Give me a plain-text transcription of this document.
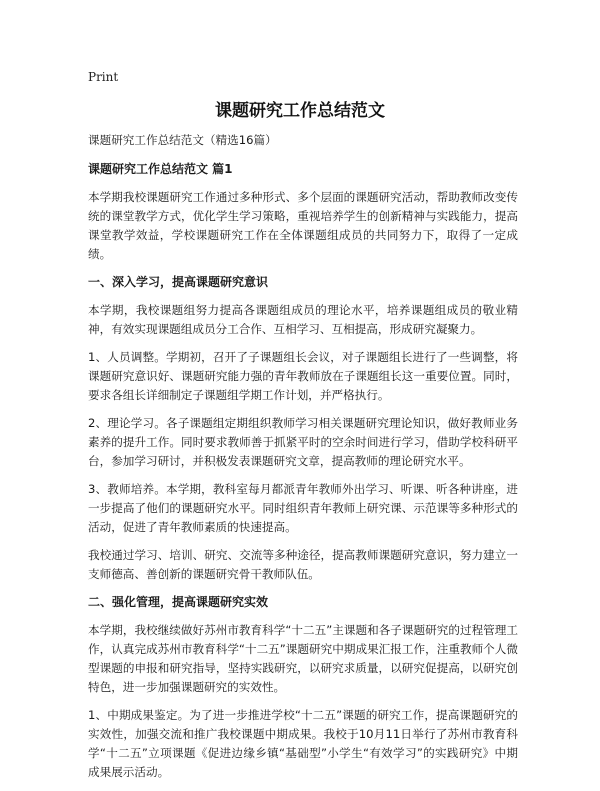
Print
课题研究工作总结范文

课题研究工作总结范文（精选16篇）

课题研究工作总结范文 篇1

本学期我校课题研究工作通过多种形式、多个层面的课题研究活动，帮助教师改变传统的课堂教学方式，优化学生学习策略，重视培养学生的创新精神与实践能力，提高课堂教学效益，学校课题研究工作在全体课题组成员的共同努力下，取得了一定成绩。

一、深入学习，提高课题研究意识

本学期，我校课题组努力提高各课题组成员的理论水平，培养课题组成员的敬业精神，有效实现课题组成员分工合作、互相学习、互相提高，形成研究凝聚力。

1、人员调整。学期初，召开了子课题组长会议，对子课题组长进行了一些调整，将课题研究意识好、课题研究能力强的青年教师放在子课题组长这一重要位置。同时，要求各组长详细制定子课题组学期工作计划，并严格执行。

2、理论学习。各子课题组定期组织教师学习相关课题研究理论知识，做好教师业务素养的提升工作。同时要求教师善于抓紧平时的空余时间进行学习，借助学校科研平台，参加学习研讨，并积极发表课题研究文章，提高教师的理论研究水平。

3、教师培养。本学期，教科室每月都派青年教师外出学习、听课、听各种讲座，进一步提高了他们的课题研究水平。同时组织青年教师上研究课、示范课等多种形式的活动，促进了青年教师素质的快速提高。

我校通过学习、培训、研究、交流等多种途径，提高教师课题研究意识，努力建立一支师德高、善创新的课题研究骨干教师队伍。

二、强化管理，提高课题研究实效

本学期，我校继续做好苏州市教育科学“十二五”主课题和各子课题研究的过程管理工作，认真完成苏州市教育科学“十二五”课题研究中期成果汇报工作，注重教师个人微型课题的申报和研究指导，坚持实践研究，以研究求质量，以研究促提高，以研究创特色，进一步加强课题研究的实效性。

1、中期成果鉴定。为了进一步推进学校“十二五”课题的研究工作，提高课题研究的实效性，加强交流和推广我校课题中期成果。我校于10月11日举行了苏州市教育科学“十二五”立项课题《促进边缘乡镇“基础型”小学生“有效学习”的实践研究》中期成果展示活动。
